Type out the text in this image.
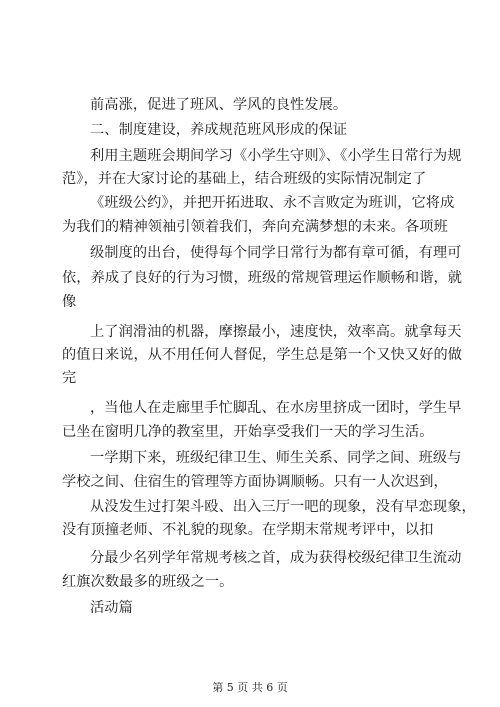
前高涨，促进了班风、学风的良性发展。
二、制度建设，养成规范班风形成的保证
利用主题班会期间学习《小学生守则》、《小学生日常行为规
范》，并在大家讨论的基础上，结合班级的实际情况制定了
《班级公约》，并把开拓进取、永不言败定为班训，它将成
为我们的精神领袖引领着我们，奔向充满梦想的未来。各项班
级制度的出台，使得每个同学日常行为都有章可循，有理可
依，养成了良好的行为习惯，班级的常规管理运作顺畅和谐，就
像
上了润滑油的机器，摩擦最小，速度快，效率高。就拿每天
的值日来说，从不用任何人督促，学生总是第一个又快又好的做
完
，当他人在走廊里手忙脚乱、在水房里挤成一团时，学生早
已坐在窗明几净的教室里，开始享受我们一天的学习生活。
一学期下来，班级纪律卫生、师生关系、同学之间、班级与
学校之间、住宿生的管理等方面协调顺畅。只有一人次迟到，
从没发生过打架斗殴、出入三厅一吧的现象，没有早恋现象，
没有顶撞老师、不礼貌的现象。在学期末常规考评中，以扣
分最少名列学年常规考核之首，成为获得校级纪律卫生流动
红旗次数最多的班级之一。
活动篇
第 5 页 共 6 页
